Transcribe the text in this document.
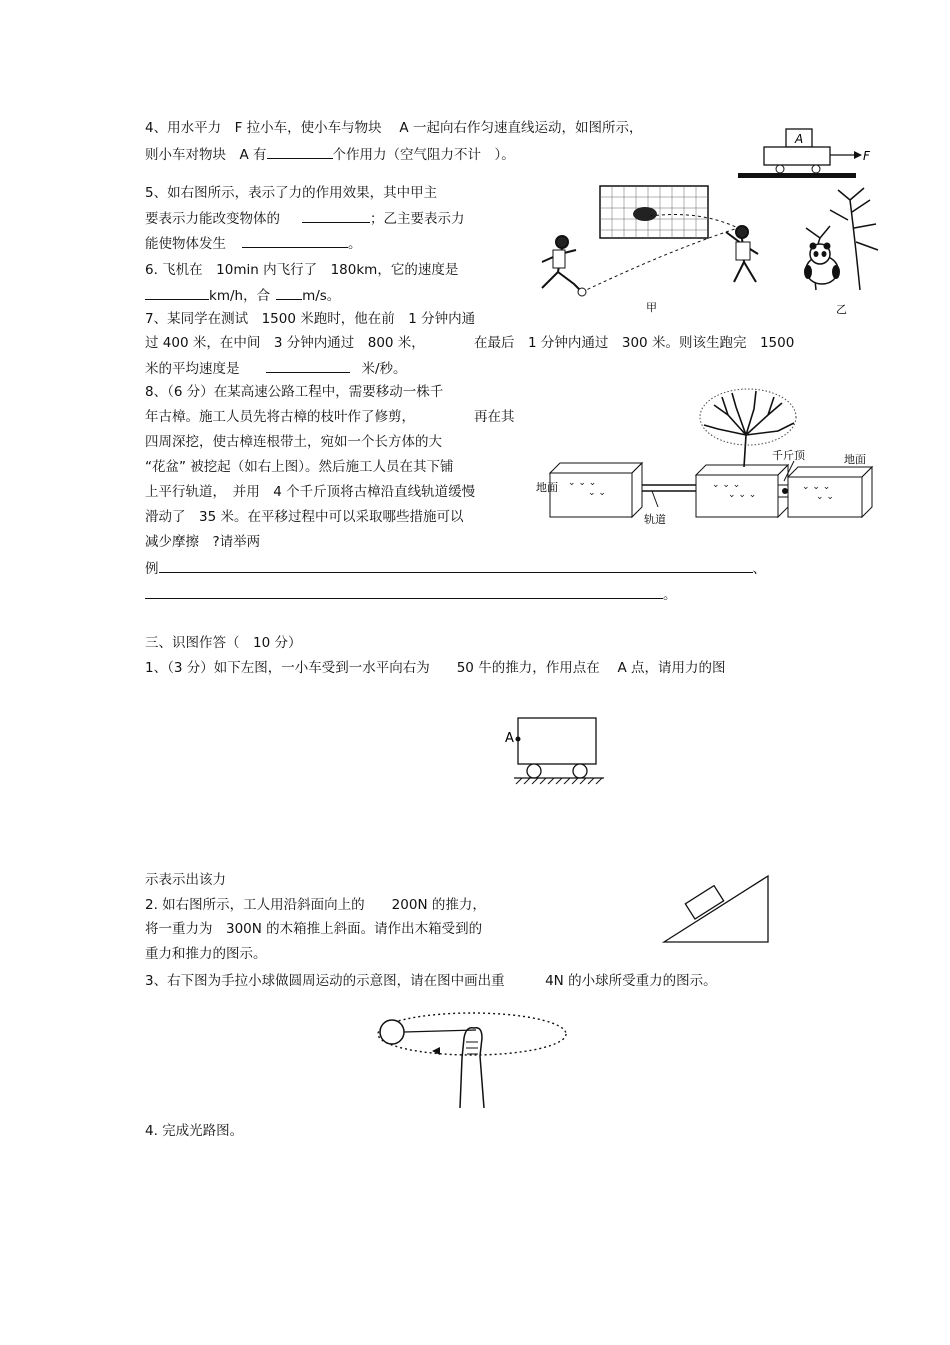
4、用水平力　F 拉小车，使小车与物块　 A 一起向右作匀速直线运动，如图所示，
则小车对物块　A 有	个作用力（空气阻力不计　）。
A
F
5、如右图所示，表示了力的作用效果，其中甲主
要表示力能改变物体的	；乙主要表示力
能使物体发生	。
甲	乙
6. 飞机在　10min 内飞行了　180km，它的速度是
km/h，合 m/s。
7、某同学在测试　1500 米跑时，他在前　1 分钟内通
过 400 米，在中间　3 分钟内通过　800 米，	在最后　1 分钟内通过　300 米。则该生跑完　1500
米的平均速度是	米/秒。
8、（6 分）在某高速公路工程中，需要移动一株千
年古樟。施工人员先将古樟的枝叶作了修剪，	再在其
四周深挖，使古樟连根带土，宛如一个长方体的大
“花盆” 被挖起（如右上图）。然后施工人员在其下铺
上平行轨道，　并用　4 个千斤顶将古樟沿直线轨道缓慢
滑动了　35 米。在平移过程中可以采取哪些措施可以
减少摩擦　?请举两
例	、
。
⌄ ⌄ ⌄
⌄ ⌄
地面
轨道
⌄ ⌄ ⌄
⌄ ⌄ ⌄
千斤顶
⌄ ⌄ ⌄
⌄ ⌄
地面
三、识图作答（　10 分）
1、（3 分）如下左图，一小车受到一水平向右为　　50 牛的推力，作用点在　 A 点，请用力的图
A
示表示出该力
2. 如右图所示，工人用沿斜面向上的　　200N 的推力，
将一重力为　300N 的木箱推上斜面。请作出木箱受到的
重力和推力的图示。
3、右下图为手拉小球做圆周运动的示意图，请在图中画出重　　　4N 的小球所受重力的图示。
4. 完成光路图。
